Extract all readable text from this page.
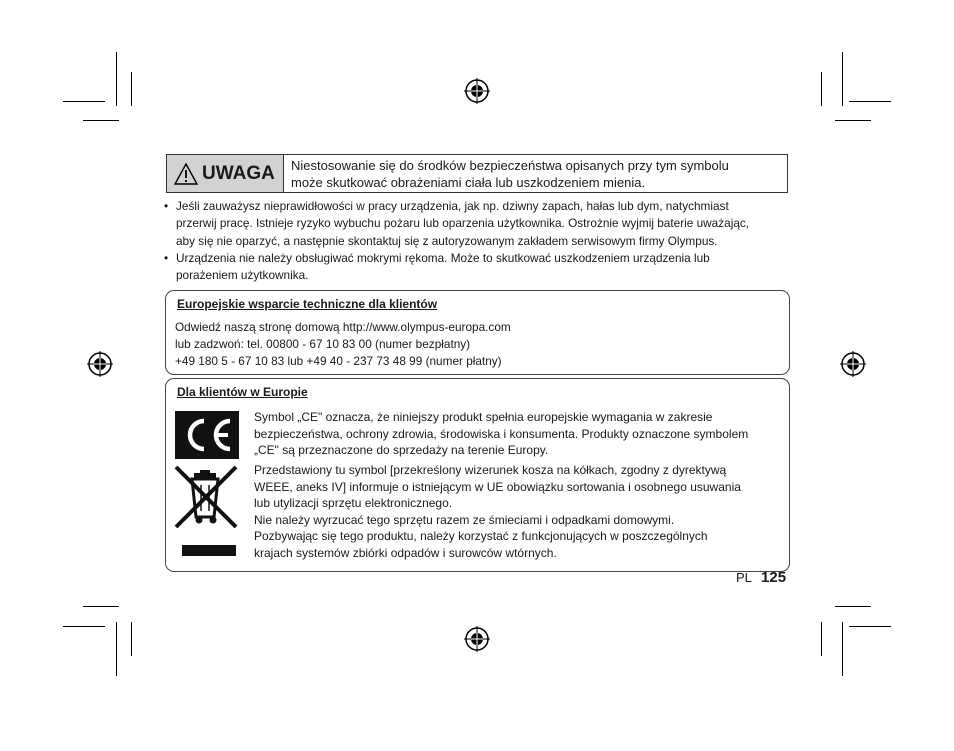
UWAGA Niestosowanie się do środków bezpieczeństwa opisanych przy tym symbolu
może skutkować obrażeniami ciała lub uszkodzeniem mienia.
• Jeśli zauważysz nieprawidłowości w pracy urządzenia, jak np. dziwny zapach, hałas lub dym, natychmiast
przerwij pracę. Istnieje ryzyko wybuchu pożaru lub oparzenia użytkownika. Ostrożnie wyjmij baterie uważając,
aby się nie oparzyć, a następnie skontaktuj się z autoryzowanym zakładem serwisowym firmy Olympus.
• Urządzenia nie należy obsługiwać mokrymi rękoma. Może to skutkować uszkodzeniem urządzenia lub
porażeniem użytkownika.
Europejskie wsparcie techniczne dla klientów
Odwiedź naszą stronę domową http://www.olympus-europa.com
lub zadzwoń: tel. 00800 - 67 10 83 00 (numer bezpłatny)
+49 180 5 - 67 10 83 lub +49 40 - 237 73 48 99 (numer płatny)
Dla klientów w Europie
Symbol „CE" oznacza, że niniejszy produkt spełnia europejskie wymagania w zakresie
bezpieczeństwa, ochrony zdrowia, środowiska i konsumenta. Produkty oznaczone symbolem
„CE" są przeznaczone do sprzedaży na terenie Europy.
Przedstawiony tu symbol [przekreślony wizerunek kosza na kółkach, zgodny z dyrektywą
WEEE, aneks IV] informuje o istniejącym w UE obowiązku sortowania i osobnego usuwania
lub utylizacji sprzętu elektronicznego.
Nie należy wyrzucać tego sprzętu razem ze śmieciami i odpadkami domowymi.
Pozbywając się tego produktu, należy korzystać z funkcjonujących w poszczególnych
krajach systemów zbiórki odpadów i surowców wtórnych.
PL 125
